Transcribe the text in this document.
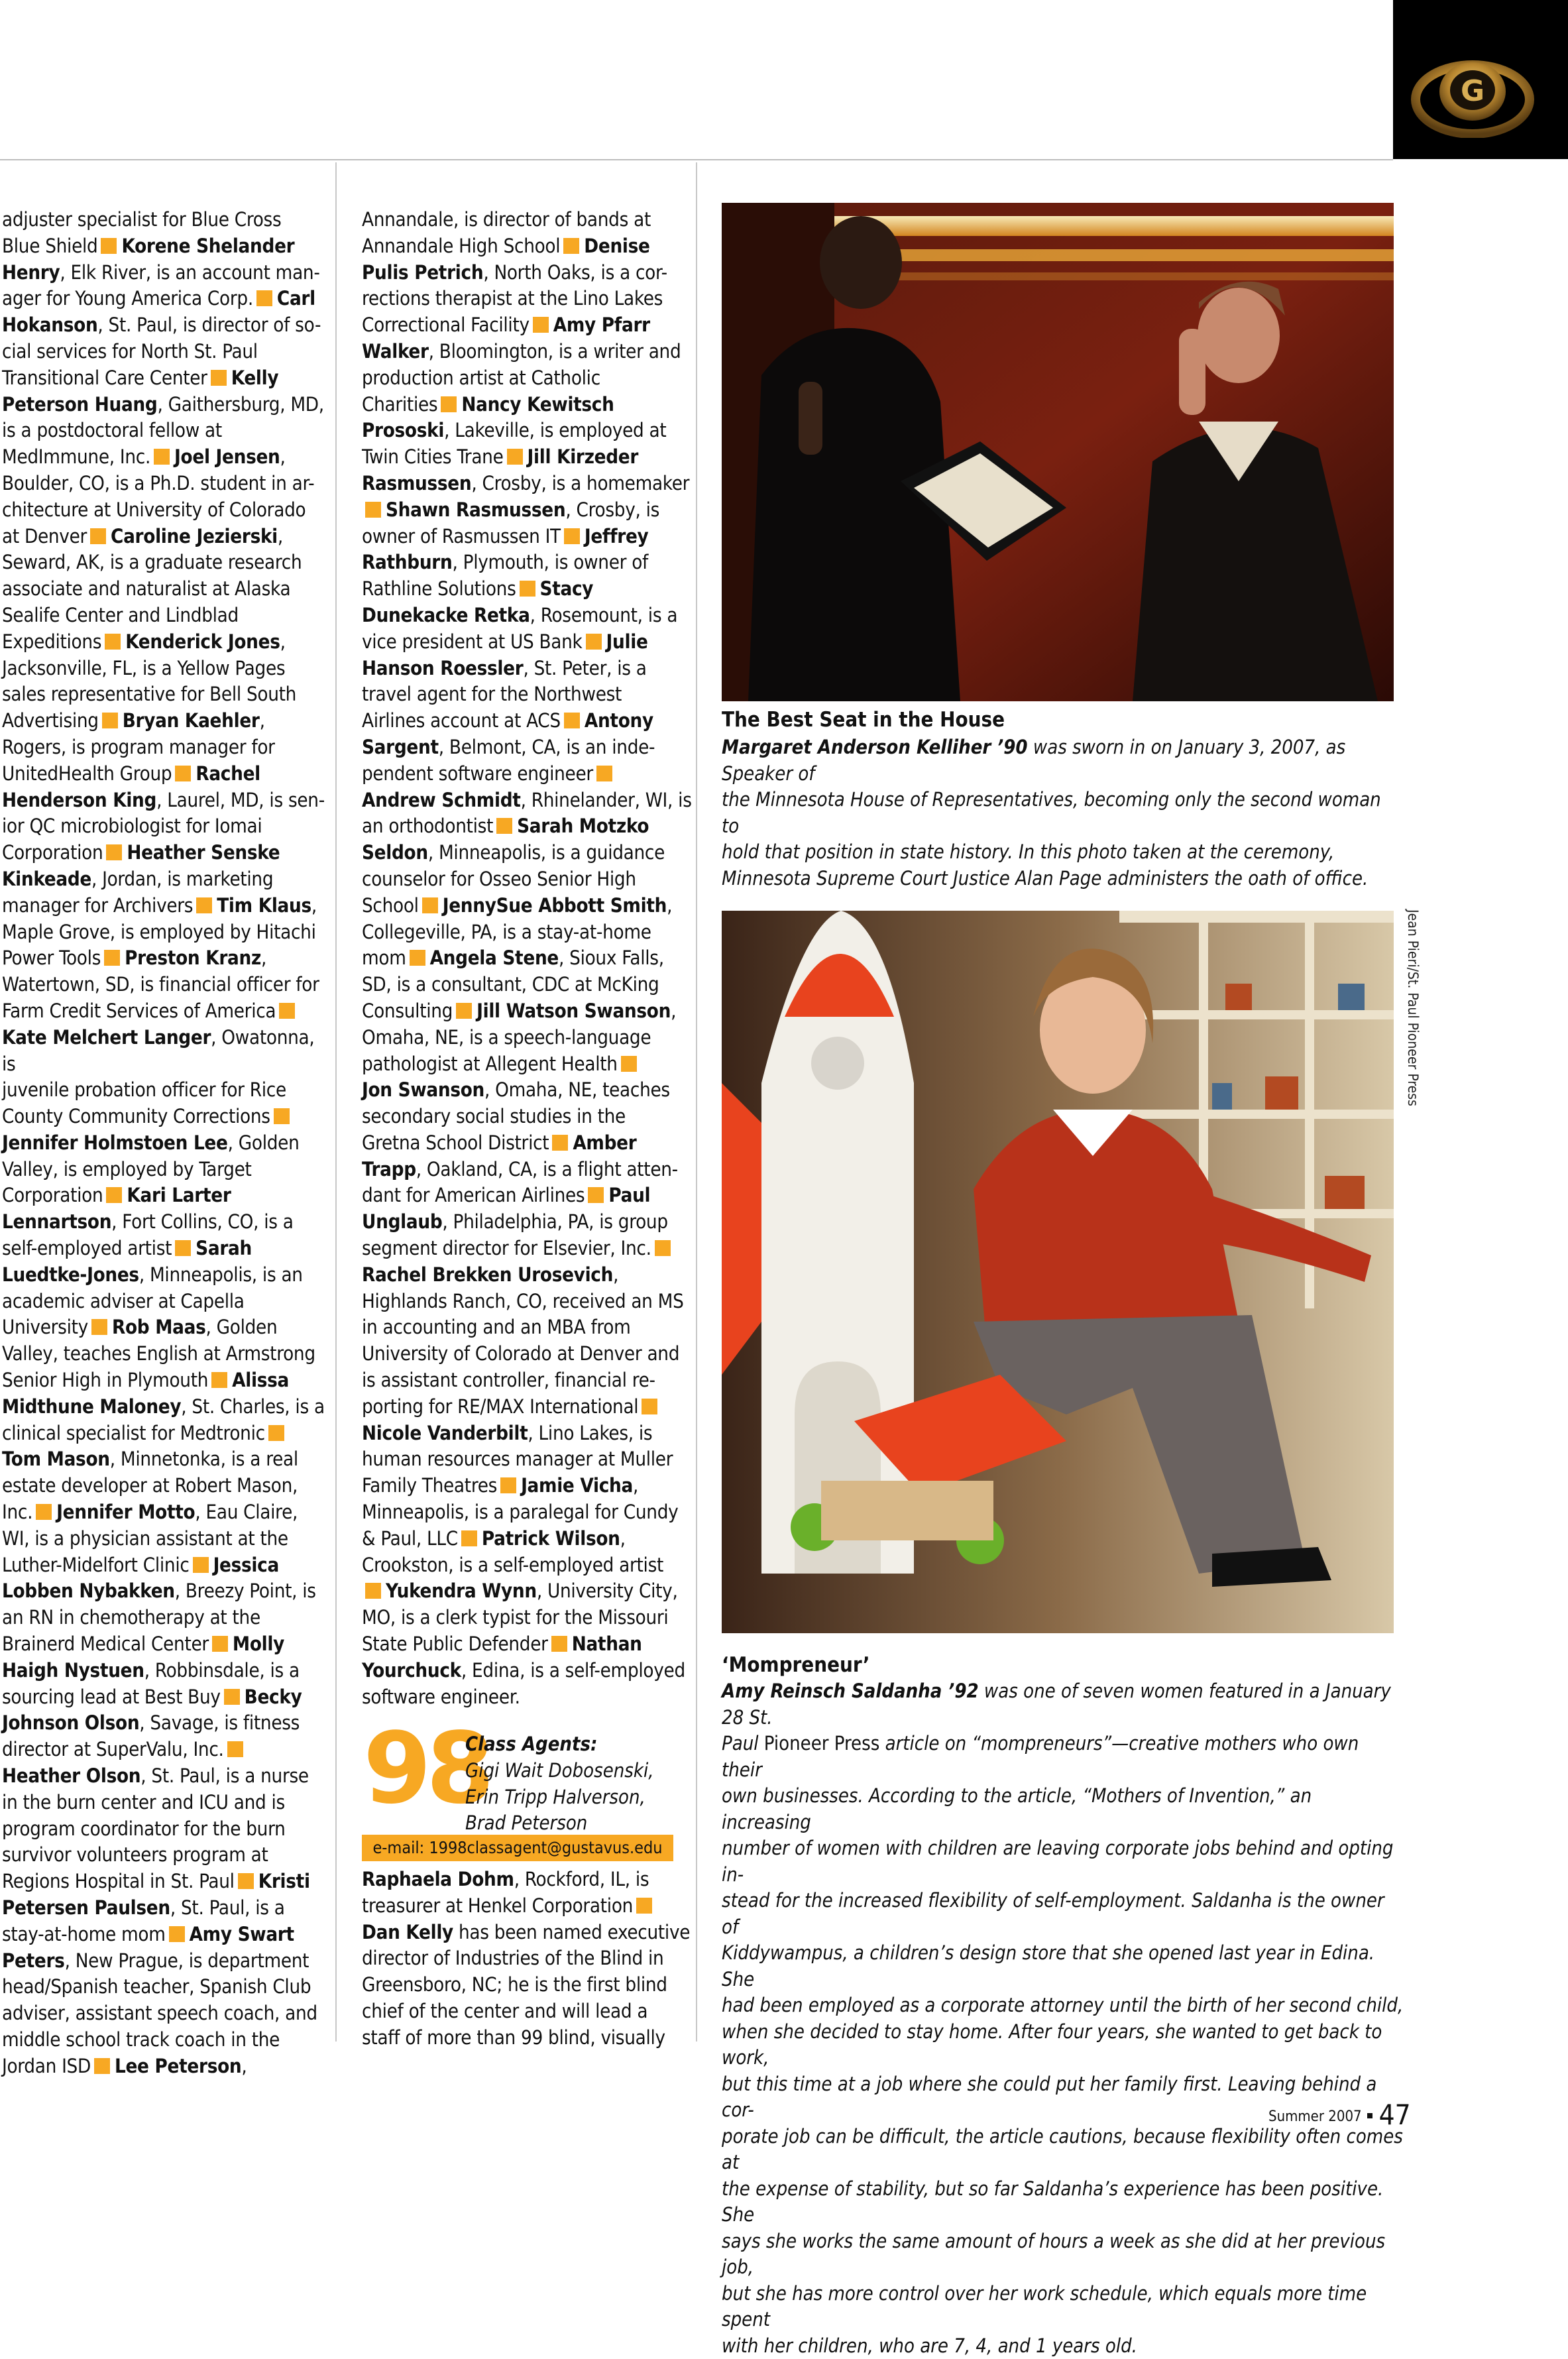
G
adjuster specialist for Blue Cross
Blue Shield Korene Shelander
Henry, Elk River, is an account man-
ager for Young America Corp. Carl
Hokanson, St. Paul, is director of so-
cial services for North St. Paul
Transitional Care Center Kelly
Peterson Huang, Gaithersburg, MD,
is a postdoctoral fellow at
MedImmune, Inc. Joel Jensen,
Boulder, CO, is a Ph.D. student in ar-
chitecture at University of Colorado
at Denver Caroline Jezierski,
Seward, AK, is a graduate research
associate and naturalist at Alaska
Sealife Center and Lindblad
Expeditions Kenderick Jones,
Jacksonville, FL, is a Yellow Pages
sales representative for Bell South
Advertising Bryan Kaehler,
Rogers, is program manager for
UnitedHealth Group Rachel
Henderson King, Laurel, MD, is sen-
ior QC microbiologist for Iomai
Corporation Heather Senske
Kinkeade, Jordan, is marketing
manager for Archivers Tim Klaus,
Maple Grove, is employed by Hitachi
Power Tools Preston Kranz,
Watertown, SD, is financial officer for
Farm Credit Services of America
Kate Melchert Langer, Owatonna, is
juvenile probation officer for Rice
County Community Corrections
Jennifer Holmstoen Lee, Golden
Valley, is employed by Target
Corporation Kari Larter
Lennartson, Fort Collins, CO, is a
self-employed artist Sarah
Luedtke-Jones, Minneapolis, is an
academic adviser at Capella
University Rob Maas, Golden
Valley, teaches English at Armstrong
Senior High in Plymouth Alissa
Midthune Maloney, St. Charles, is a
clinical specialist for Medtronic
Tom Mason, Minnetonka, is a real
estate developer at Robert Mason,
Inc. Jennifer Motto, Eau Claire,
WI, is a physician assistant at the
Luther-Midelfort Clinic Jessica
Lobben Nybakken, Breezy Point, is
an RN in chemotherapy at the
Brainerd Medical Center Molly
Haigh Nystuen, Robbinsdale, is a
sourcing lead at Best Buy Becky
Johnson Olson, Savage, is fitness
director at SuperValu, Inc.
Heather Olson, St. Paul, is a nurse
in the burn center and ICU and is
program coordinator for the burn
survivor volunteers program at
Regions Hospital in St. Paul Kristi
Petersen Paulsen, St. Paul, is a
stay-at-home mom Amy Swart
Peters, New Prague, is department
head/Spanish teacher, Spanish Club
adviser, assistant speech coach, and
middle school track coach in the
Jordan ISD Lee Peterson,
Annandale, is director of bands at
Annandale High School Denise
Pulis Petrich, North Oaks, is a cor-
rections therapist at the Lino Lakes
Correctional Facility Amy Pfarr
Walker, Bloomington, is a writer and
production artist at Catholic
Charities Nancy Kewitsch
Prososki, Lakeville, is employed at
Twin Cities Trane Jill Kirzeder
Rasmussen, Crosby, is a homemaker
Shawn Rasmussen, Crosby, is
owner of Rasmussen IT Jeffrey
Rathburn, Plymouth, is owner of
Rathline Solutions Stacy
Dunekacke Retka, Rosemount, is a
vice president at US Bank Julie
Hanson Roessler, St. Peter, is a
travel agent for the Northwest
Airlines account at ACS Antony
Sargent, Belmont, CA, is an inde-
pendent software engineer
Andrew Schmidt, Rhinelander, WI, is
an orthodontist Sarah Motzko
Seldon, Minneapolis, is a guidance
counselor for Osseo Senior High
School JennySue Abbott Smith,
Collegeville, PA, is a stay-at-home
mom Angela Stene, Sioux Falls,
SD, is a consultant, CDC at McKing
Consulting Jill Watson Swanson,
Omaha, NE, is a speech-language
pathologist at Allegent Health
Jon Swanson, Omaha, NE, teaches
secondary social studies in the
Gretna School District Amber
Trapp, Oakland, CA, is a flight atten-
dant for American Airlines Paul
Unglaub, Philadelphia, PA, is group
segment director for Elsevier, Inc.
Rachel Brekken Urosevich,
Highlands Ranch, CO, received an MS
in accounting and an MBA from
University of Colorado at Denver and
is assistant controller, financial re-
porting for RE/MAX International
Nicole Vanderbilt, Lino Lakes, is
human resources manager at Muller
Family Theatres Jamie Vicha,
Minneapolis, is a paralegal for Cundy
& Paul, LLC Patrick Wilson,
Crookston, is a self-employed artist
Yukendra Wynn, University City,
MO, is a clerk typist for the Missouri
State Public Defender Nathan
Yourchuck, Edina, is a self-employed
software engineer.
98
Class Agents:
Gigi Wait Dobosenski,
Erin Tripp Halverson,
Brad Peterson
e-mail: 1998classagent@gustavus.edu
Raphaela Dohm, Rockford, IL, is
treasurer at Henkel Corporation
Dan Kelly has been named executive
director of Industries of the Blind in
Greensboro, NC; he is the first blind
chief of the center and will lead a
staff of more than 99 blind, visually
The Best Seat in the House
Margaret Anderson Kelliher ’90 was sworn in on January 3, 2007, as Speaker of
the Minnesota House of Representatives, becoming only the second woman to
hold that position in state history. In this photo taken at the ceremony,
Minnesota Supreme Court Justice Alan Page administers the oath of office.
Jean Pieri/St. Paul Pioneer Press
‘Mompreneur’
Amy Reinsch Saldanha ’92 was one of seven women featured in a January 28 St.
Paul Pioneer Press article on “mompreneurs”—creative mothers who own their
own businesses. According to the article, “Mothers of Invention,” an increasing
number of women with children are leaving corporate jobs behind and opting in-
stead for the increased flexibility of self-employment. Saldanha is the owner of
Kiddywampus, a children’s design store that she opened last year in Edina. She
had been employed as a corporate attorney until the birth of her second child,
when she decided to stay home. After four years, she wanted to get back to work,
but this time at a job where she could put her family first. Leaving behind a cor-
porate job can be difficult, the article cautions, because flexibility often comes at
the expense of stability, but so far Saldanha’s experience has been positive. She
says she works the same amount of hours a week as she did at her previous job,
but she has more control over her work schedule, which equals more time spent
with her children, who are 7, 4, and 1 years old.
Summer 2007 47
